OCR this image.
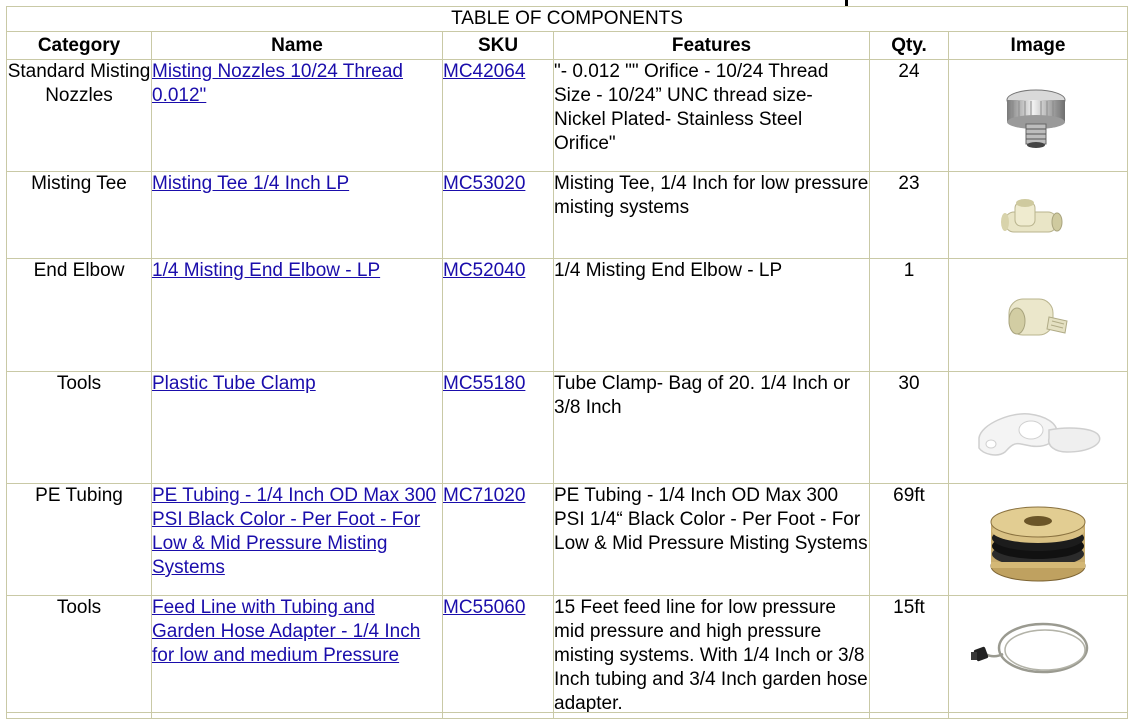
TABLE OF COMPONENTS					
Category	Name	SKU	Features	Qty.	Image
Standard Misting Nozzles	Misting Nozzles 10/24 Thread 0.012"	MC42064	"- 0.012 "" Orifice - 10/24 Thread Size - 10/24” UNC thread size- Nickel Plated- Stainless Steel Orifice"	24	

Misting Tee	Misting Tee 1/4 Inch LP	MC53020	Misting Tee, 1/4 Inch for low pressure misting systems	23	

End Elbow	1/4 Misting End Elbow - LP	MC52040	1/4 Misting End Elbow - LP	1	

Tools	Plastic Tube Clamp	MC55180	Tube Clamp- Bag of 20. 1/4 Inch or 3/8 Inch	30	

PE Tubing	PE Tubing - 1/4 Inch OD Max 300 PSI Black Color - Per Foot - For Low & Mid Pressure Misting Systems	MC71020	PE Tubing - 1/4 Inch OD Max 300 PSI 1/4“ Black Color - Per Foot - For Low & Mid Pressure Misting Systems	69ft	

Tools	Feed Line with Tubing and Garden Hose Adapter - 1/4 Inch for low and medium Pressure	MC55060	15 Feet feed line for low pressure mid pressure and high pressure misting systems. With 1/4 Inch or 3/8 Inch tubing and 3/4 Inch garden hose adapter.	15ft	
